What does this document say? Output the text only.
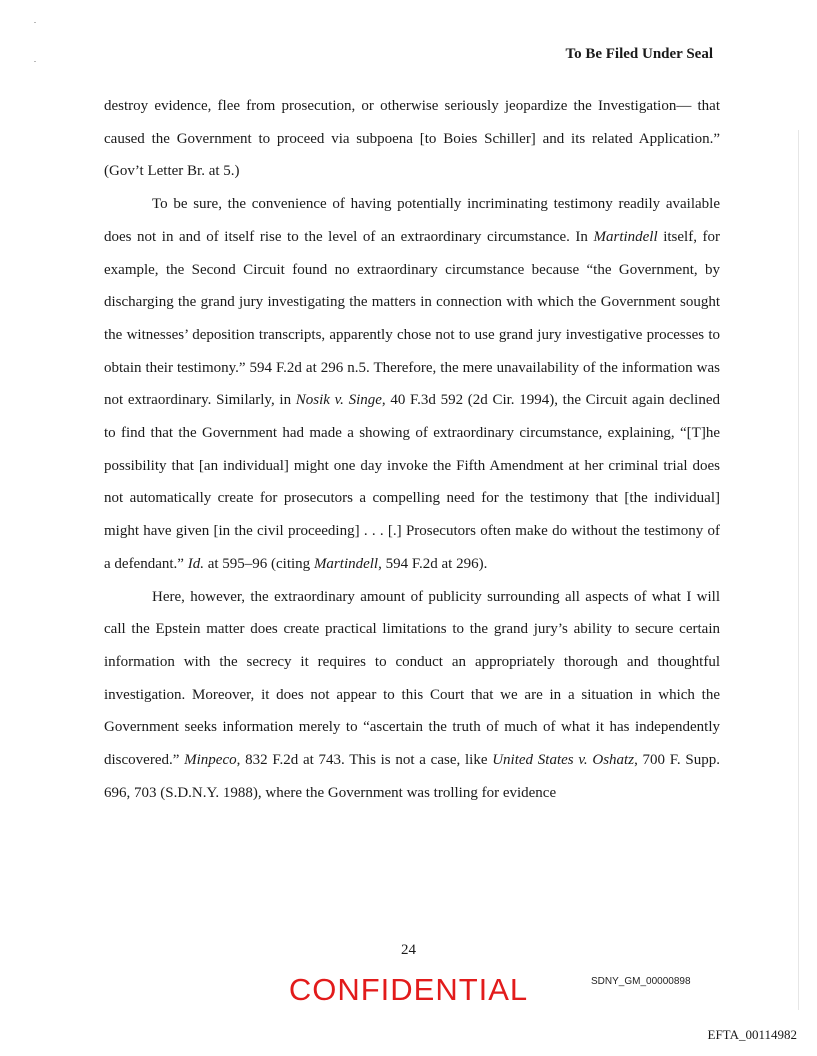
To Be Filed Under Seal

destroy evidence, flee from prosecution, or otherwise seriously jeopardize the Investigation— that caused the Government to proceed via subpoena [to Boies Schiller] and its related Application.” (Gov’t Letter Br. at 5.)

To be sure, the convenience of having potentially incriminating testimony readily available does not in and of itself rise to the level of an extraordinary circumstance. In Martindell itself, for example, the Second Circuit found no extraordinary circumstance because “the Government, by discharging the grand jury investigating the matters in connection with which the Government sought the witnesses’ deposition transcripts, apparently chose not to use grand jury investigative processes to obtain their testimony.” 594 F.2d at 296 n.5. Therefore, the mere unavailability of the information was not extraordinary. Similarly, in Nosik v. Singe, 40 F.3d 592 (2d Cir. 1994), the Circuit again declined to find that the Government had made a showing of extraordinary circumstance, explaining, “[T]he possibility that [an individual] might one day invoke the Fifth Amendment at her criminal trial does not automatically create for prosecutors a compelling need for the testimony that [the individual] might have given [in the civil proceeding] . . . [.] Prosecutors often make do without the testimony of a defendant.” Id. at 595–96 (citing Martindell, 594 F.2d at 296).

Here, however, the extraordinary amount of publicity surrounding all aspects of what I will call the Epstein matter does create practical limitations to the grand jury’s ability to secure certain information with the secrecy it requires to conduct an appropriately thorough and thoughtful investigation. Moreover, it does not appear to this Court that we are in a situation in which the Government seeks information merely to “ascertain the truth of much of what it has independently discovered.” Minpeco, 832 F.2d at 743. This is not a case, like United States v. Oshatz, 700 F. Supp. 696, 703 (S.D.N.Y. 1988), where the Government was trolling for evidence

24
CONFIDENTIAL	SDNY_GM_00000898
EFTA_00114982
